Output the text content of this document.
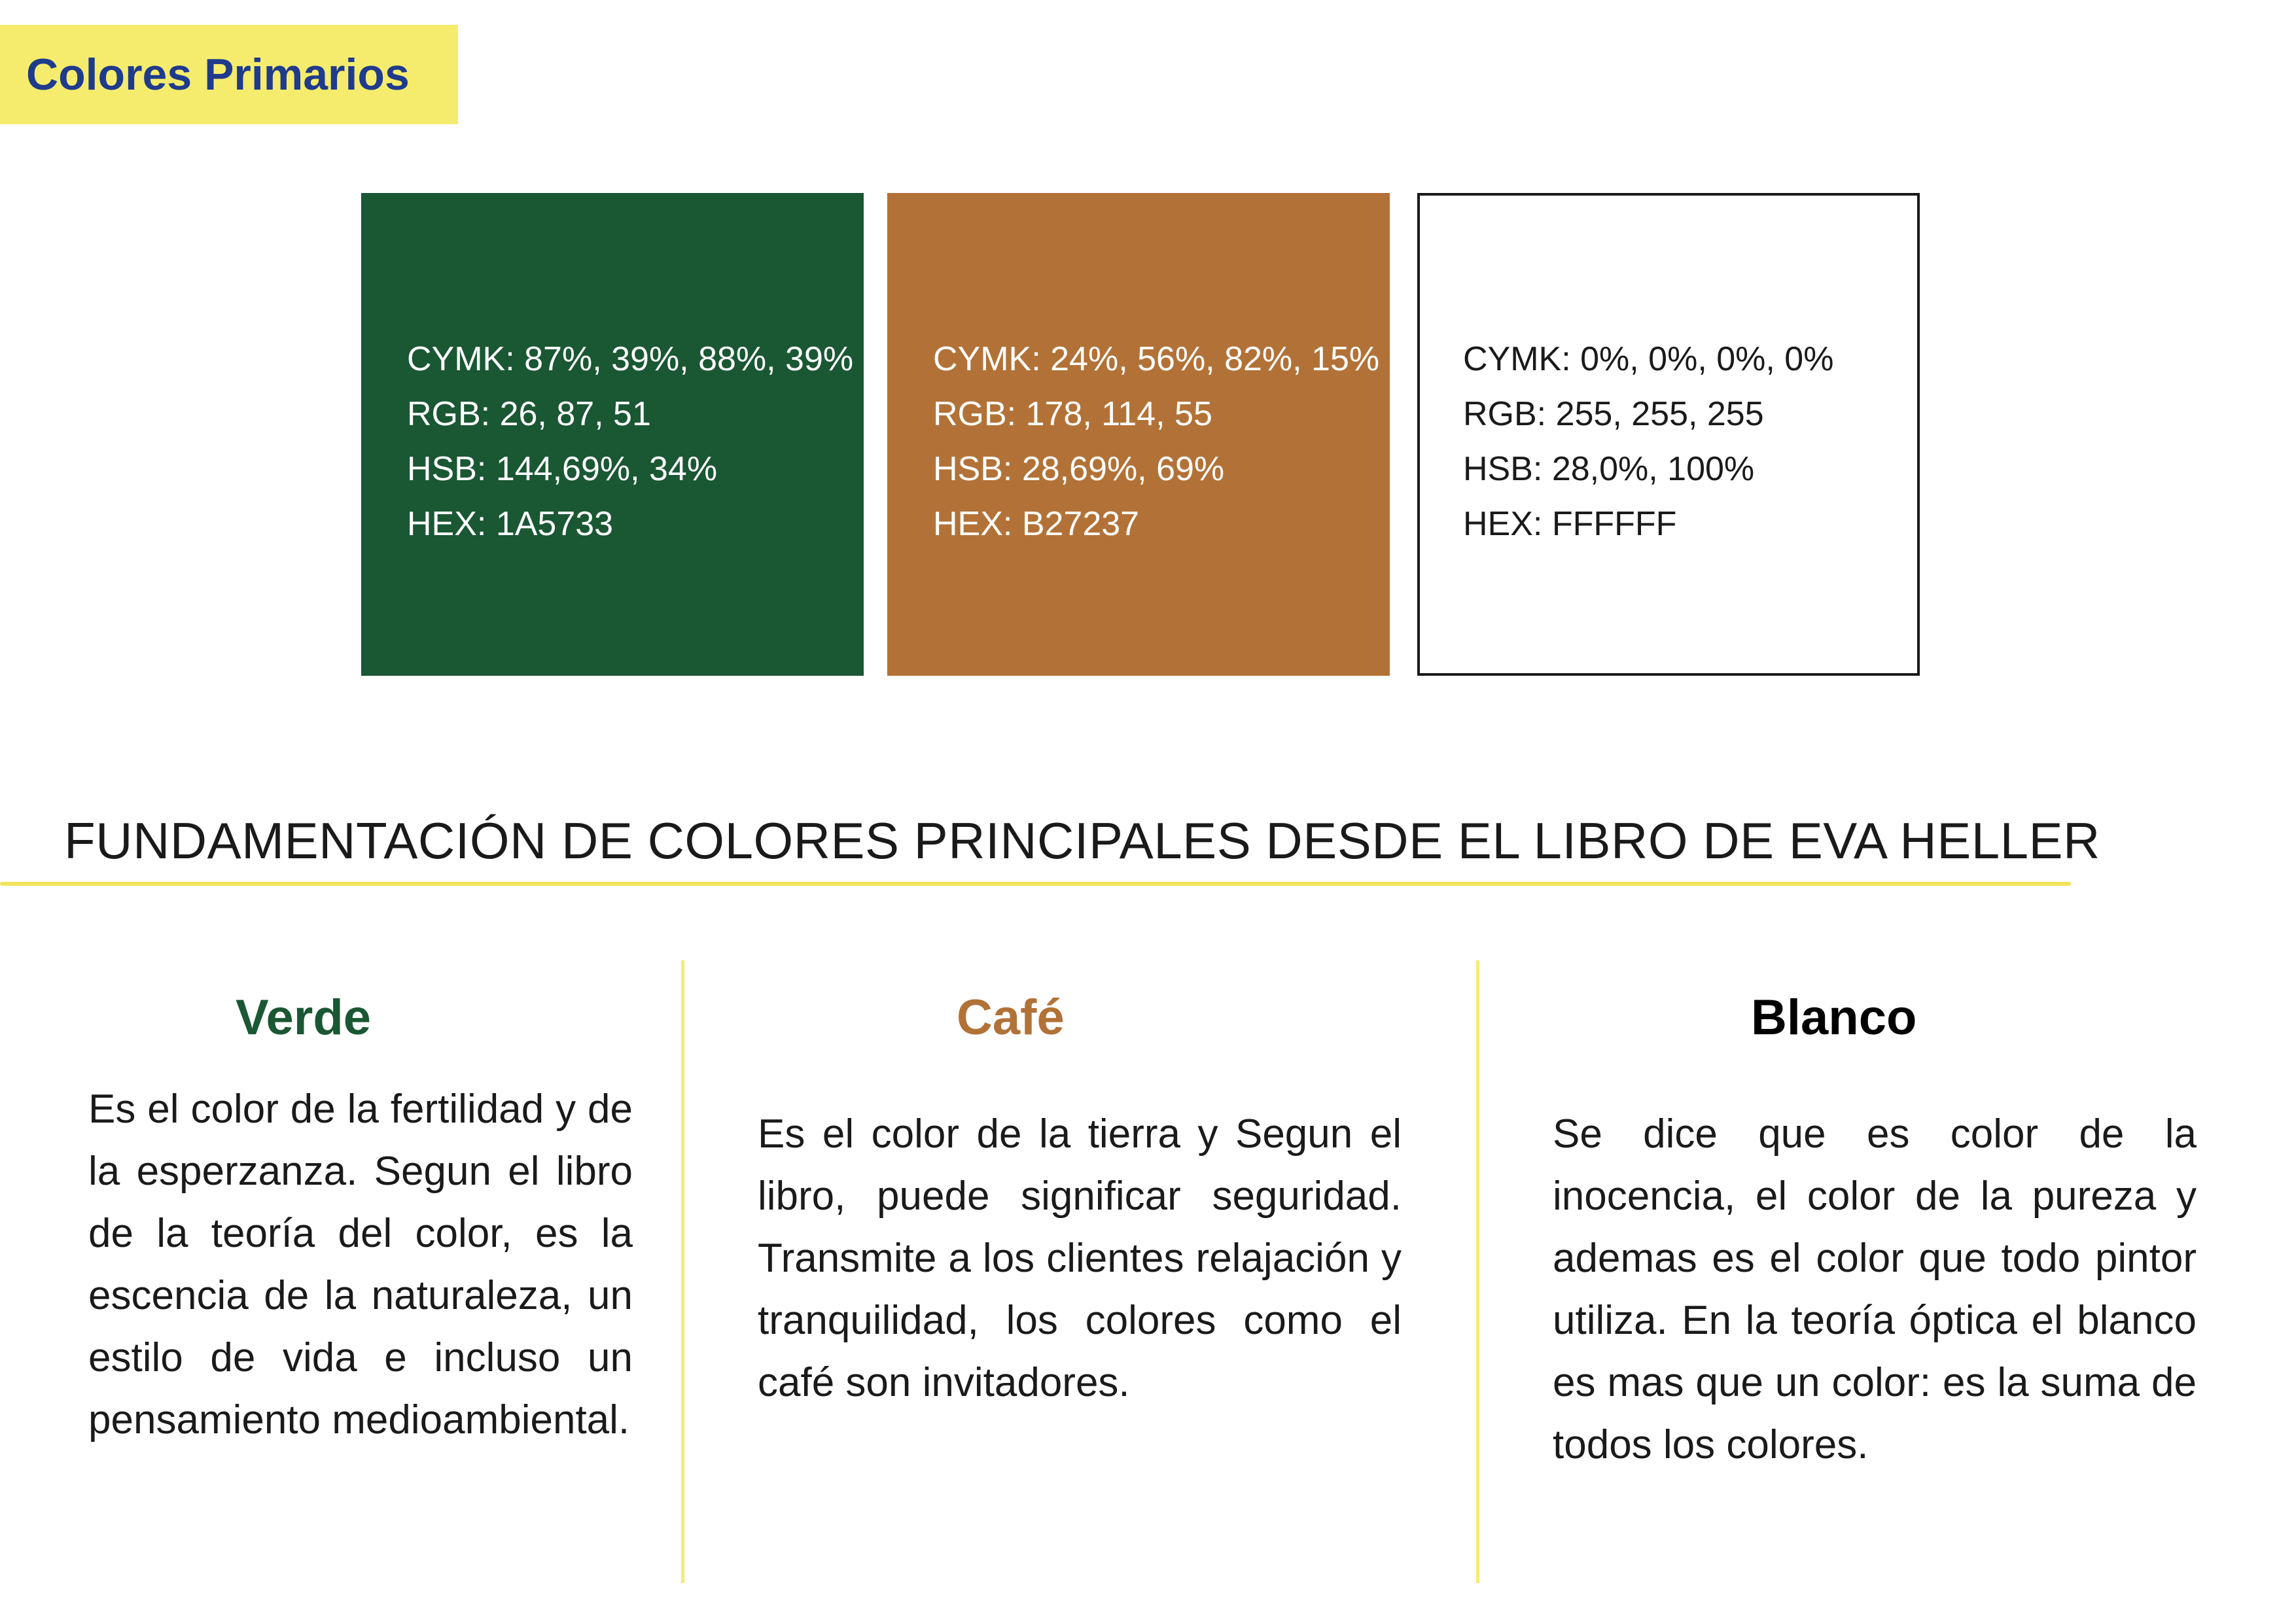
Colores Primarios
CYMK: 87%, 39%, 88%, 39%
RGB: 26, 87, 51
HSB: 144,69%, 34%
HEX: 1A5733
CYMK: 24%, 56%, 82%, 15%
RGB: 178, 114, 55
HSB: 28,69%, 69%
HEX: B27237
CYMK: 0%, 0%, 0%, 0%
RGB: 255, 255, 255
HSB: 28,0%, 100%
HEX: FFFFFF
FUNDAMENTACIÓN DE COLORES PRINCIPALES DESDE EL LIBRO DE EVA HELLER
Verde

Es el color de la fertilidad y de la esperzanza. Segun el libro de la teoría del color, es la escencia de la naturaleza, un estilo de vida e incluso un pensamiento medioambiental.

Café

Es el color de la tierra y Segun el libro, puede significar seguridad. Transmite a los clientes relajación y tranquilidad, los colores como el café son invitadores.

Blanco

Se dice que es color de la inocencia, el color de la pureza y ademas es el color que todo pintor utiliza. En la teoría óptica el blanco es mas que un color: es la suma de todos los colores.
